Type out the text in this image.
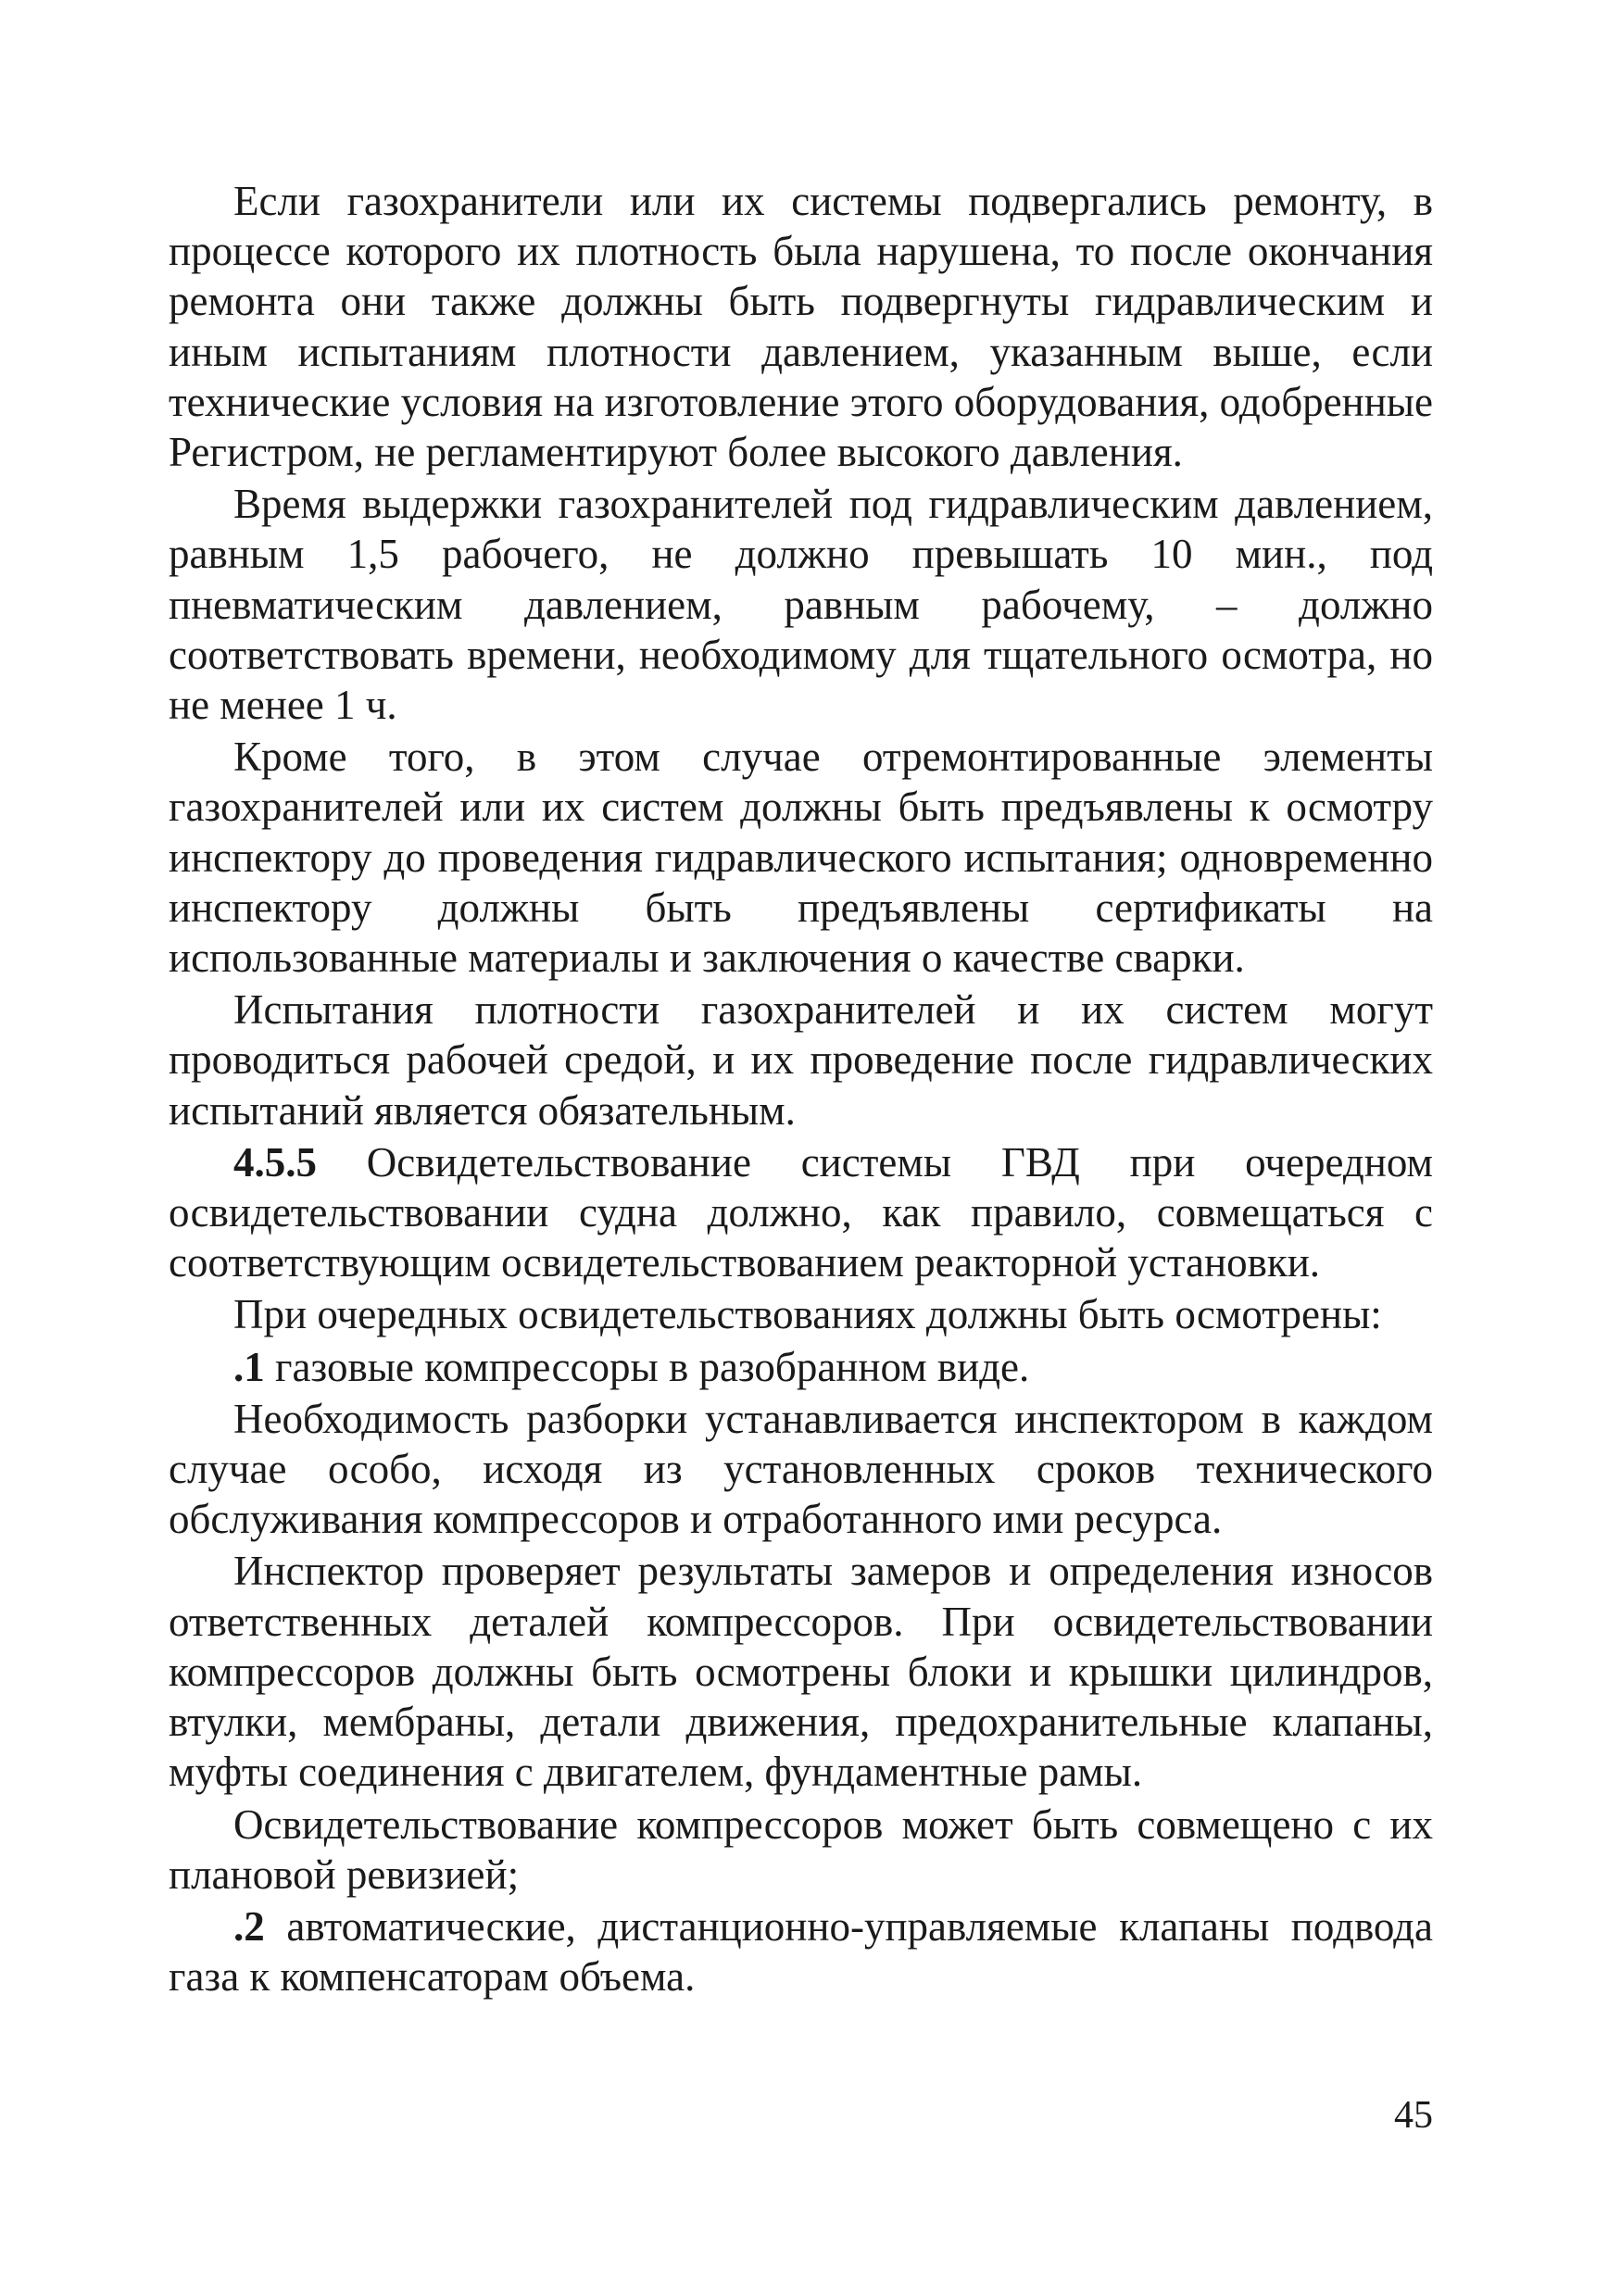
Если газохранители или их системы подвергались ремонту, в процессе которого их плотность была нарушена, то после окончания ремонта они также должны быть подвергнуты гидравлическим и иным испытаниям плотности давлением, указанным выше, если технические условия на изготовление этого оборудования, одобренные Регистром, не регламентируют более высокого давления.

Время выдержки газохранителей под гидравлическим давлением, равным 1,5 рабочего, не должно превышать 10 мин., под пневматическим давлением, равным рабочему, – должно соответствовать времени, необходимому для тщательного осмотра, но не менее 1 ч.

Кроме того, в этом случае отремонтированные элементы газохранителей или их систем должны быть предъявлены к осмотру инспектору до проведения гидравлического испытания; одновременно инспектору должны быть предъявлены сертификаты на использованные материалы и заключения о качестве сварки.

Испытания плотности газохранителей и их систем могут проводиться рабочей средой, и их проведение после гидравлических испытаний является обязательным.

4.5.5 Освидетельствование системы ГВД при очередном освидетельствовании судна должно, как правило, совмещаться с соответствующим освидетельствованием реакторной установки.

При очередных освидетельствованиях должны быть осмотрены:

.1 газовые компрессоры в разобранном виде.

Необходимость разборки устанавливается инспектором в каждом случае особо, исходя из установленных сроков технического обслуживания компрессоров и отработанного ими ресурса.

Инспектор проверяет результаты замеров и определения износов ответственных деталей компрессоров. При освидетельствовании компрессоров должны быть осмотрены блоки и крышки цилиндров, втулки, мембраны, детали движения, предохранительные клапаны, муфты соединения с двигателем, фундаментные рамы.

Освидетельствование компрессоров может быть совмещено с их плановой ревизией;

.2 автоматические, дистанционно-управляемые клапаны подвода газа к компенсаторам объема.

45
